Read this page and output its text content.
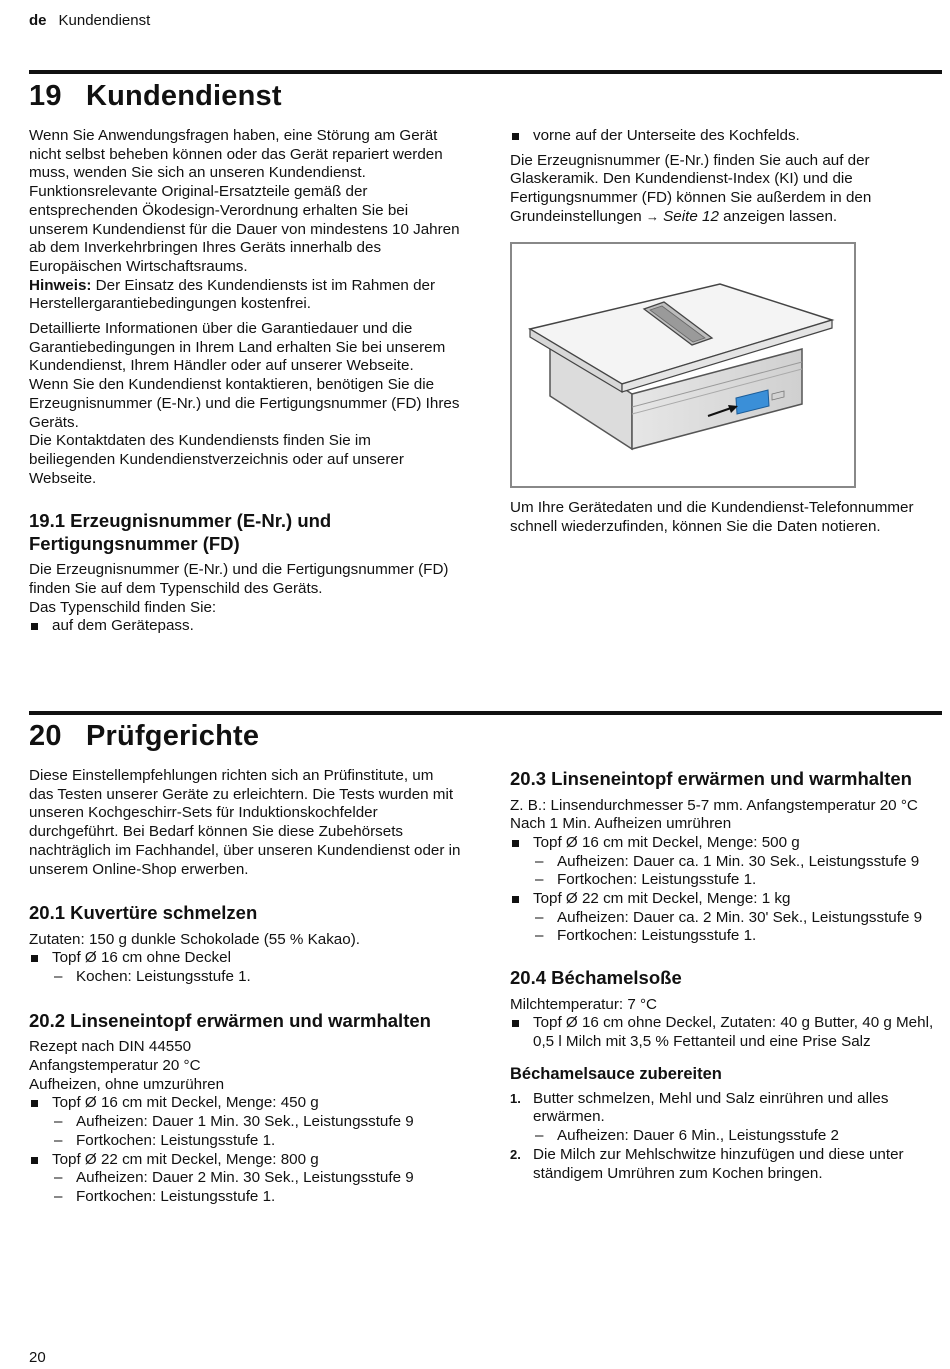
de Kundendienst
19 Kundendienst

Wenn Sie Anwendungsfragen haben, eine Störung am Gerät nicht selbst beheben können oder das Gerät repariert werden muss, wenden Sie sich an unseren Kundendienst.

Funktionsrelevante Original-Ersatzteile gemäß der entsprechenden Ökodesign-Verordnung erhalten Sie bei unserem Kundendienst für die Dauer von mindestens 10 Jahren ab dem Inverkehrbringen Ihres Geräts innerhalb des Europäischen Wirtschaftsraums.

Hinweis: Der Einsatz des Kundendiensts ist im Rahmen der Herstellergarantiebedingungen kostenfrei.

Detaillierte Informationen über die Garantiedauer und die Garantiebedingungen in Ihrem Land erhalten Sie bei unserem Kundendienst, Ihrem Händler oder auf unserer Webseite.

Wenn Sie den Kundendienst kontaktieren, benötigen Sie die Erzeugnisnummer (E-Nr.) und die Fertigungsnummer (FD) Ihres Geräts.

Die Kontaktdaten des Kundendiensts finden Sie im beiliegenden Kundendienstverzeichnis oder auf unserer Webseite.

19.1 Erzeugnisnummer (E-Nr.) und Fertigungsnummer (FD)

Die Erzeugnisnummer (E-Nr.) und die Fertigungsnummer (FD) finden Sie auf dem Typenschild des Geräts.

Das Typenschild finden Sie:

auf dem Gerätepass.

vorne auf der Unterseite des Kochfelds.

Die Erzeugnisnummer (E-Nr.) finden Sie auch auf der Glaskeramik. Den Kundendienst-Index (KI) und die Fertigungsnummer (FD) können Sie außerdem in den Grundeinstellungen → Seite 12 anzeigen lassen.

Um Ihre Gerätedaten und die Kundendienst-Telefonnummer schnell wiederzufinden, können Sie die Daten notieren.

20 Prüfgerichte

Diese Einstellempfehlungen richten sich an Prüfinstitute, um das Testen unserer Geräte zu erleichtern. Die Tests wurden mit unseren Kochgeschirr-Sets für Induktionskochfelder durchgeführt. Bei Bedarf können Sie diese Zubehörsets nachträglich im Fachhandel, über unseren Kundendienst oder in unserem Online-Shop erwerben.

20.1 Kuvertüre schmelzen

Zutaten: 150 g dunkle Schokolade (55 % Kakao).

Topf Ø 16 cm ohne Deckel

– Kochen: Leistungsstufe 1.

20.2 Linseneintopf erwärmen und warmhalten

Rezept nach DIN 44550

Anfangstemperatur 20 °C

Aufheizen, ohne umzurühren

Topf Ø 16 cm mit Deckel, Menge: 450 g

– Aufheizen: Dauer 1 Min. 30 Sek., Leistungsstufe 9

– Fortkochen: Leistungsstufe 1.

Topf Ø 22 cm mit Deckel, Menge: 800 g

– Aufheizen: Dauer 2 Min. 30 Sek., Leistungsstufe 9

– Fortkochen: Leistungsstufe 1.

20.3 Linseneintopf erwärmen und warmhalten

Z. B.: Linsendurchmesser 5-7 mm. Anfangstemperatur 20 °C

Nach 1 Min. Aufheizen umrühren

Topf Ø 16 cm mit Deckel, Menge: 500 g

– Aufheizen: Dauer ca. 1 Min. 30 Sek., Leistungsstufe 9

– Fortkochen: Leistungsstufe 1.

Topf Ø 22 cm mit Deckel, Menge: 1 kg

– Aufheizen: Dauer ca. 2 Min. 30' Sek., Leistungsstufe 9

– Fortkochen: Leistungsstufe 1.

20.4 Béchamelsoße

Milchtemperatur: 7 °C

Topf Ø 16 cm ohne Deckel, Zutaten: 40 g Butter, 40 g Mehl, 0,5 l Milch mit 3,5 % Fettanteil und eine Prise Salz

Béchamelsauce zubereiten

1. Butter schmelzen, Mehl und Salz einrühren und alles erwärmen.

– Aufheizen: Dauer 6 Min., Leistungsstufe 2

2. Die Milch zur Mehlschwitze hinzufügen und diese unter ständigem Umrühren zum Kochen bringen.

20
